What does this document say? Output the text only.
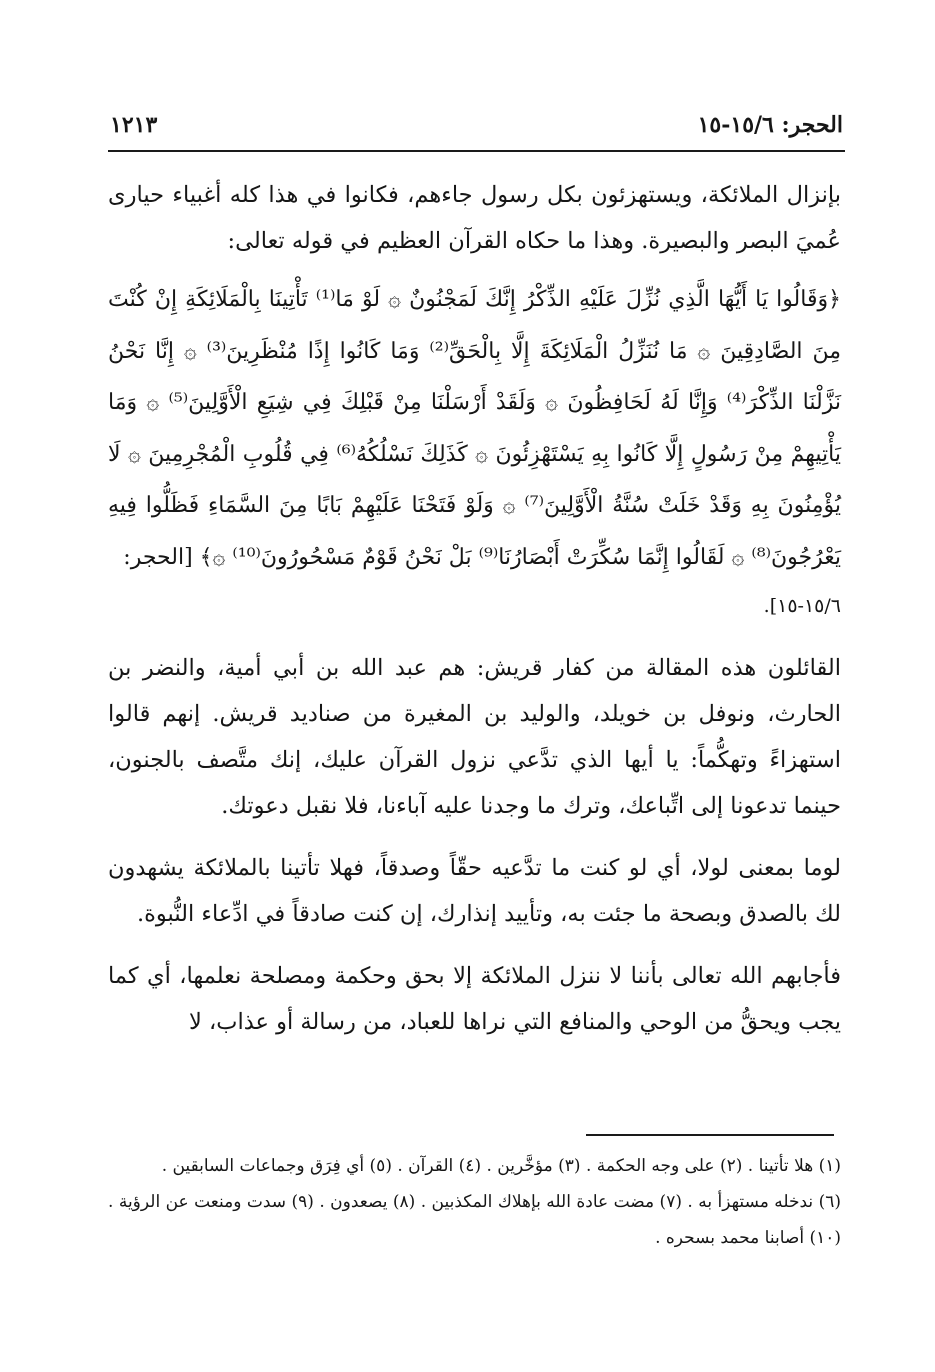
الحجر: ١٥/٦-١٥
١٢١٣

بإنزال الملائكة، ويستهزئون بكل رسول جاءهم، فكانوا في هذا كله أغبياء حيارى عُميَ البصر والبصيرة. وهذا ما حكاه القرآن العظيم في قوله تعالى:

﴿وَقَالُوا يَا أَيُّهَا الَّذِي نُزِّلَ عَلَيْهِ الذِّكْرُ إِنَّكَ لَمَجْنُونٌ ۞ لَوْ مَا⁽¹⁾ تَأْتِينَا بِالْمَلَائِكَةِ إِنْ كُنْتَ مِنَ الصَّادِقِينَ ۞ مَا نُنَزِّلُ الْمَلَائِكَةَ إِلَّا بِالْحَقِّ⁽²⁾ وَمَا كَانُوا إِذًا مُنْظَرِينَ⁽³⁾ ۞ إِنَّا نَحْنُ نَزَّلْنَا الذِّكْرَ⁽⁴⁾ وَإِنَّا لَهُ لَحَافِظُونَ ۞ وَلَقَدْ أَرْسَلْنَا مِنْ قَبْلِكَ فِي شِيَعِ الْأَوَّلِينَ⁽⁵⁾ ۞ وَمَا يَأْتِيهِمْ مِنْ رَسُولٍ إِلَّا كَانُوا بِهِ يَسْتَهْزِئُونَ ۞ كَذَلِكَ نَسْلُكُهُ⁽⁶⁾ فِي قُلُوبِ الْمُجْرِمِينَ ۞ لَا يُؤْمِنُونَ بِهِ وَقَدْ خَلَتْ سُنَّةُ الْأَوَّلِينَ⁽⁷⁾ ۞ وَلَوْ فَتَحْنَا عَلَيْهِمْ بَابًا مِنَ السَّمَاءِ فَظَلُّوا فِيهِ يَعْرُجُونَ⁽⁸⁾ ۞ لَقَالُوا إِنَّمَا سُكِّرَتْ أَبْصَارُنَا⁽⁹⁾ بَلْ نَحْنُ قَوْمٌ مَسْحُورُونَ⁽¹⁰⁾ ۞﴾ [الحجر:

١٥/٦-١٥].

القائلون هذه المقالة من كفار قريش: هم عبد الله بن أبي أمية، والنضر بن الحارث، ونوفل بن خويلد، والوليد بن المغيرة من صناديد قريش. إنهم قالوا استهزاءً وتهكُّماً: يا أيها الذي تدَّعي نزول القرآن عليك، إنك متَّصف بالجنون، حينما تدعونا إلى اتِّباعك، وترك ما وجدنا عليه آباءنا، فلا نقبل دعوتك.

لوما بمعنى لولا، أي لو كنت ما تدَّعيه حقّاً وصدقاً، فهلا تأتينا بالملائكة يشهدون لك بالصدق وبصحة ما جئت به، وتأييد إنذارك، إن كنت صادقاً في ادِّعاء النُّبوة.

فأجابهم الله تعالى بأننا لا ننزل الملائكة إلا بحق وحكمة ومصلحة نعلمها، أي كما يجب ويحقُّ من الوحي والمنافع التي نراها للعباد، من رسالة أو عذاب، لا

(١) هلا تأتينا . (٢) على وجه الحكمة . (٣) مؤخَّرين . (٤) القرآن . (٥) أي فِرَق وجماعات السابقين .

(٦) ندخله مستهزأ به . (٧) مضت عادة الله بإهلاك المكذبين . (٨) يصعدون . (٩) سدت ومنعت عن الرؤية . (١٠) أصابنا محمد بسحره .
